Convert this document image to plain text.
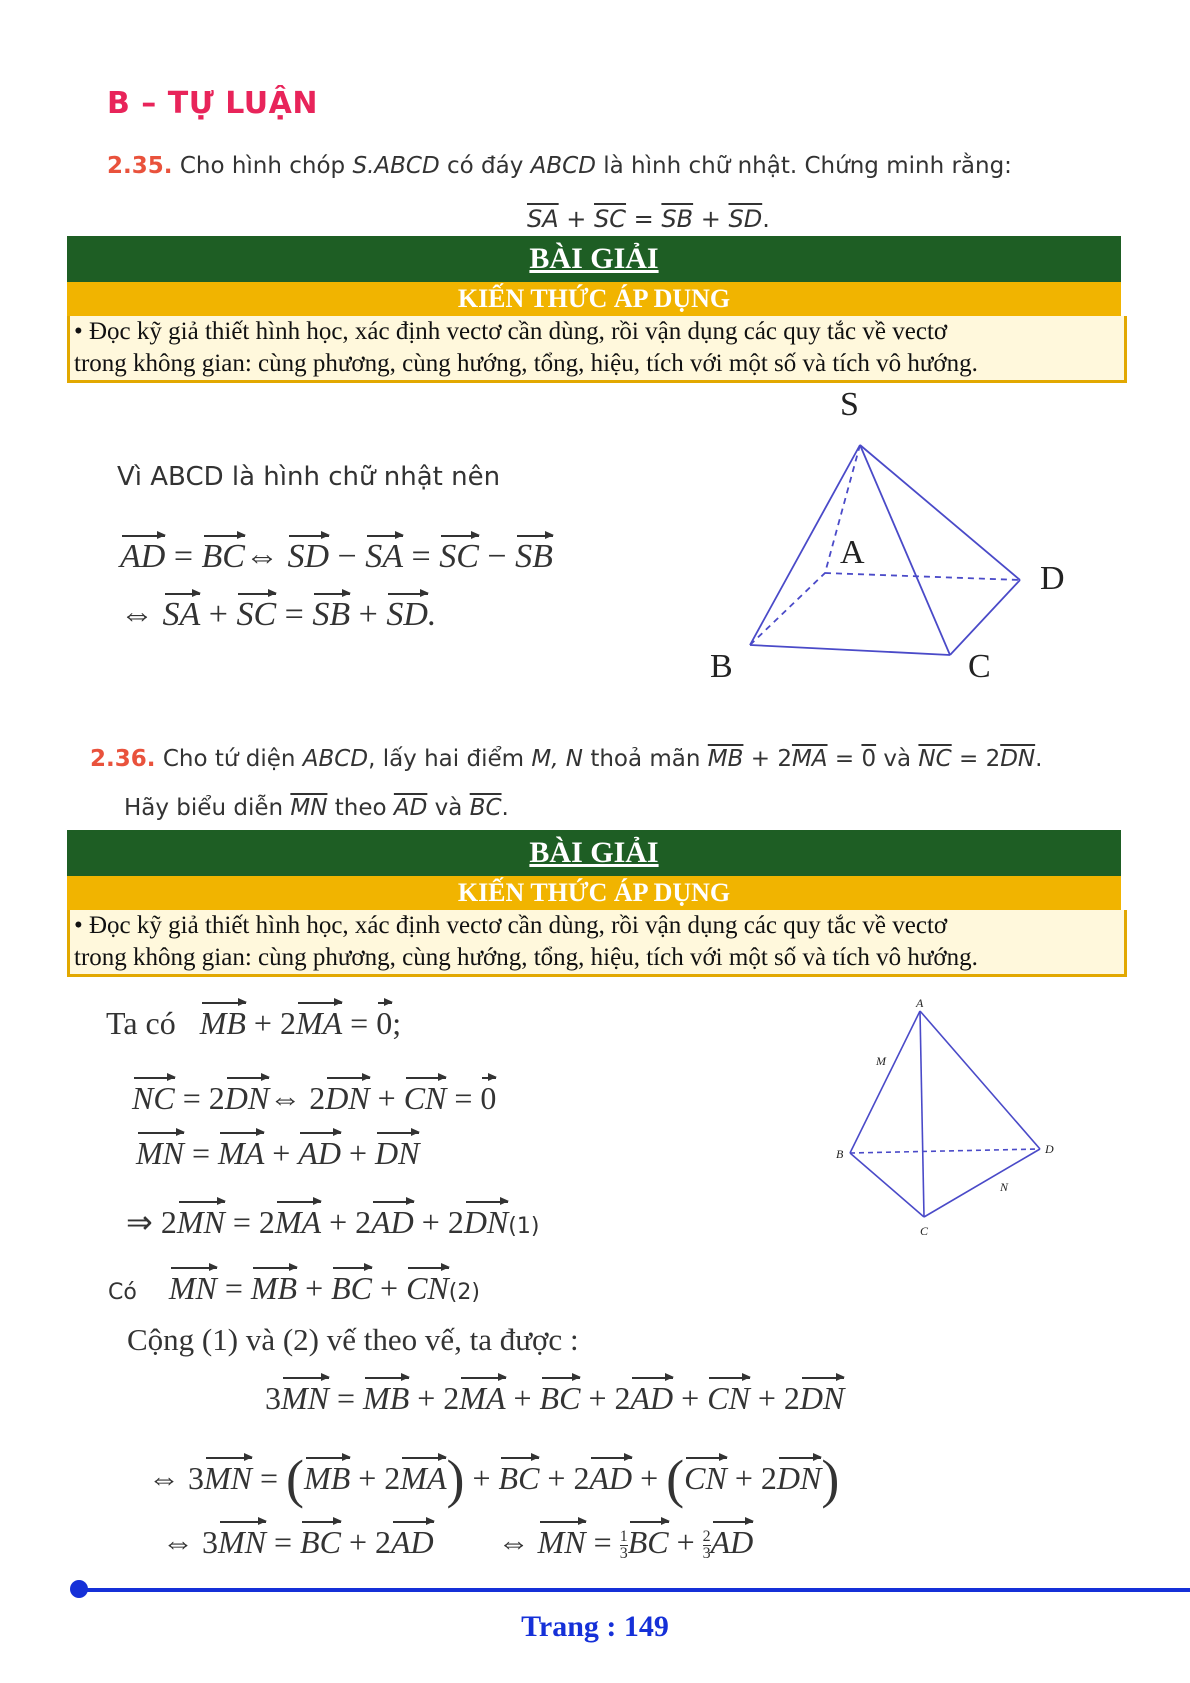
B – TỰ LUẬN
2.35. Cho hình chóp S.ABCD có đáy ABCD là hình chữ nhật. Chứng minh rằng:
$\overline{SA} + \overline{SC} = \overline{SB} + \overline{SD}$.
BÀI GIẢI
KIẾN THỨC ÁP DỤNG

• Đọc kỹ giả thiết hình học, xác định vectơ cần dùng, rồi vận dụng các quy tắc về vectơ

trong không gian: cùng phương, cùng hướng, tổng, hiệu, tích với một số và tích vô hướng.

Vì ABCD là hình chữ nhật nên
AD = BC⇔ SD − SA = SC − SB
⇔ SA + SC = SB + SD.
S
A
D
B	C
2.36. Cho tứ diện ABCD, lấy hai điểm M, N thoả mãn $\overline{MB} + 2\overline{MA} = 0$ và $\overline{NC} = 2\overline{DN}$.
Hãy biểu diễn $\overline{MN}$ theo $\overline{AD}$ và $\overline{BC}$.
BÀI GIẢI
KIẾN THỨC ÁP DỤNG

• Đọc kỹ giả thiết hình học, xác định vectơ cần dùng, rồi vận dụng các quy tắc về vectơ

trong không gian: cùng phương, cùng hướng, tổng, hiệu, tích với một số và tích vô hướng.

Ta có MB + 2MA = 0;
NC = 2DN⇔ 2DN + CN = 0
MN = MA + AD + DN
⇒ 2MN = 2MA + 2AD + 2DN(1)
Có MN = MB + BC + CN(2)
Cộng (1) và (2) vế theo vế, ta được :
3MN = MB + 2MA + BC + 2AD + CN + 2DN
⇔ 3MN = (MB + 2MA) + BC + 2AD + (CN + 2DN)
⇔ 3MN = BC + 2AD ⇔ MN = $\frac{1}{3}$ BC + $\frac{2}{3}$ AD
A
M
B	D
N
C
Trang : 149
